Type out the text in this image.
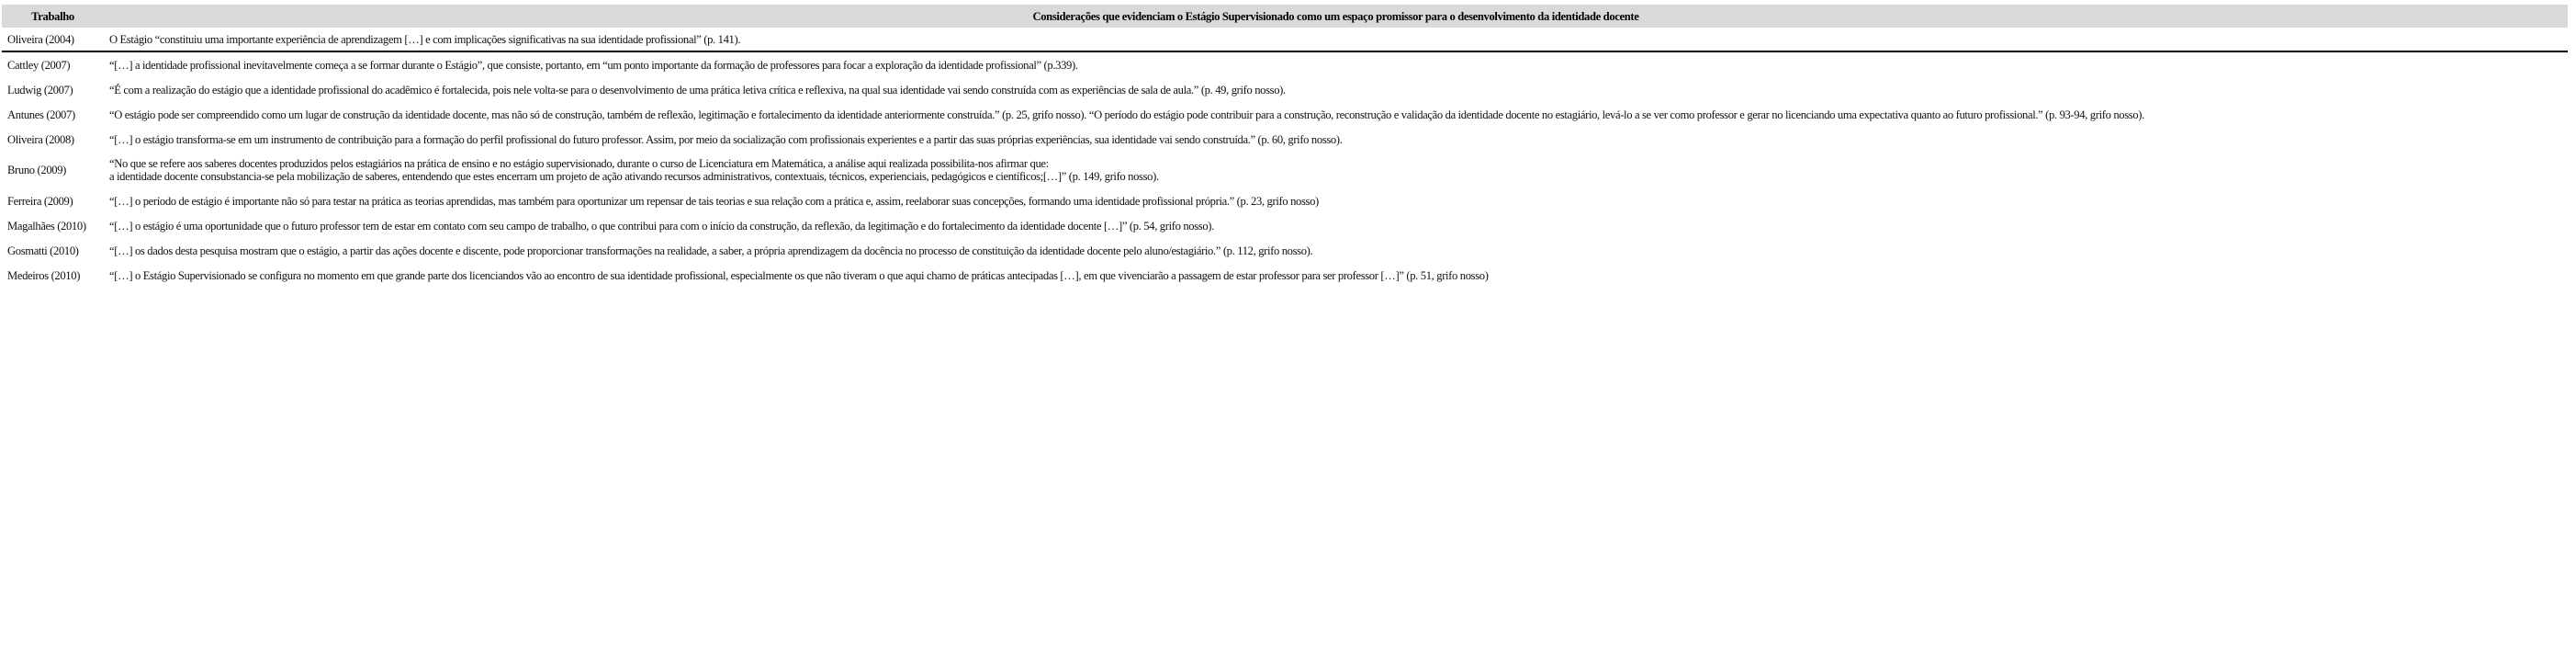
Trabalho	Considerações que evidenciam o Estágio Supervisionado como um espaço promissor para o desenvolvimento da identidade docente
Oliveira (2004)	O Estágio “constituiu uma importante experiência de aprendizagem […] e com implicações significativas na sua identidade profissional” (p. 141).

Cattley (2007)	“[…] a identidade profissional inevitavelmente começa a se formar durante o Estágio”, que consiste, portanto, em “um ponto importante da formação de professores para focar a exploração da identidade profissional” (p.339).

Ludwig (2007)	“É com a realização do estágio que a identidade profissional do acadêmico é fortalecida, pois nele volta-se para o desenvolvimento de uma prática letiva crítica e reflexiva, na qual sua identidade vai sendo construída com as experiências de sala de aula.” (p. 49, grifo nosso).

Antunes (2007)	“O estágio pode ser compreendido como um lugar de construção da identidade docente, mas não só de construção, também de reflexão, legitimação e fortalecimento da identidade anteriormente construída.” (p. 25, grifo nosso). “O período do estágio pode contribuir para a construção, reconstrução e validação da identidade docente no estagiário, levá-lo a se ver como professor e gerar no licenciando uma expectativa quanto ao futuro profissional.” (p. 93-94, grifo nosso).

Oliveira (2008)	“[…] o estágio transforma-se em um instrumento de contribuição para a formação do perfil profissional do futuro professor. Assim, por meio da socialização com profissionais experientes e a partir das suas próprias experiências, sua identidade vai sendo construída.” (p. 60, grifo nosso).

Bruno (2009)	“No que se refere aos saberes docentes produzidos pelos estagiários na prática de ensino e no estágio supervisionado, durante o curso de Licenciatura em Matemática, a análise aqui realizada possibilita-nos afirmar que:
a identidade docente consubstancia-se pela mobilização de saberes, entendendo que estes encerram um projeto de ação ativando recursos administrativos, contextuais, técnicos, experienciais, pedagógicos e científicos;[…]” (p. 149, grifo nosso).

Ferreira (2009)	“[…] o período de estágio é importante não só para testar na prática as teorias aprendidas, mas também para oportunizar um repensar de tais teorias e sua relação com a prática e, assim, reelaborar suas concepções, formando uma identidade profissional própria.” (p. 23, grifo nosso)

Magalhães (2010)	“[…] o estágio é uma oportunidade que o futuro professor tem de estar em contato com seu campo de trabalho, o que contribui para com o início da construção, da reflexão, da legitimação e do fortalecimento da identidade docente […]” (p. 54, grifo nosso).

Gosmatti (2010)	“[…] os dados desta pesquisa mostram que o estágio, a partir das ações docente e discente, pode proporcionar transformações na realidade, a saber, a própria aprendizagem da docência no processo de constituição da identidade docente pelo aluno/estagiário.” (p. 112, grifo nosso).

Medeiros (2010)	“[…] o Estágio Supervisionado se configura no momento em que grande parte dos licenciandos vão ao encontro de sua identidade profissional, especialmente os que não tiveram o que aqui chamo de práticas antecipadas […], em que vivenciarão a passagem de estar professor para ser professor […]” (p. 51, grifo nosso)
